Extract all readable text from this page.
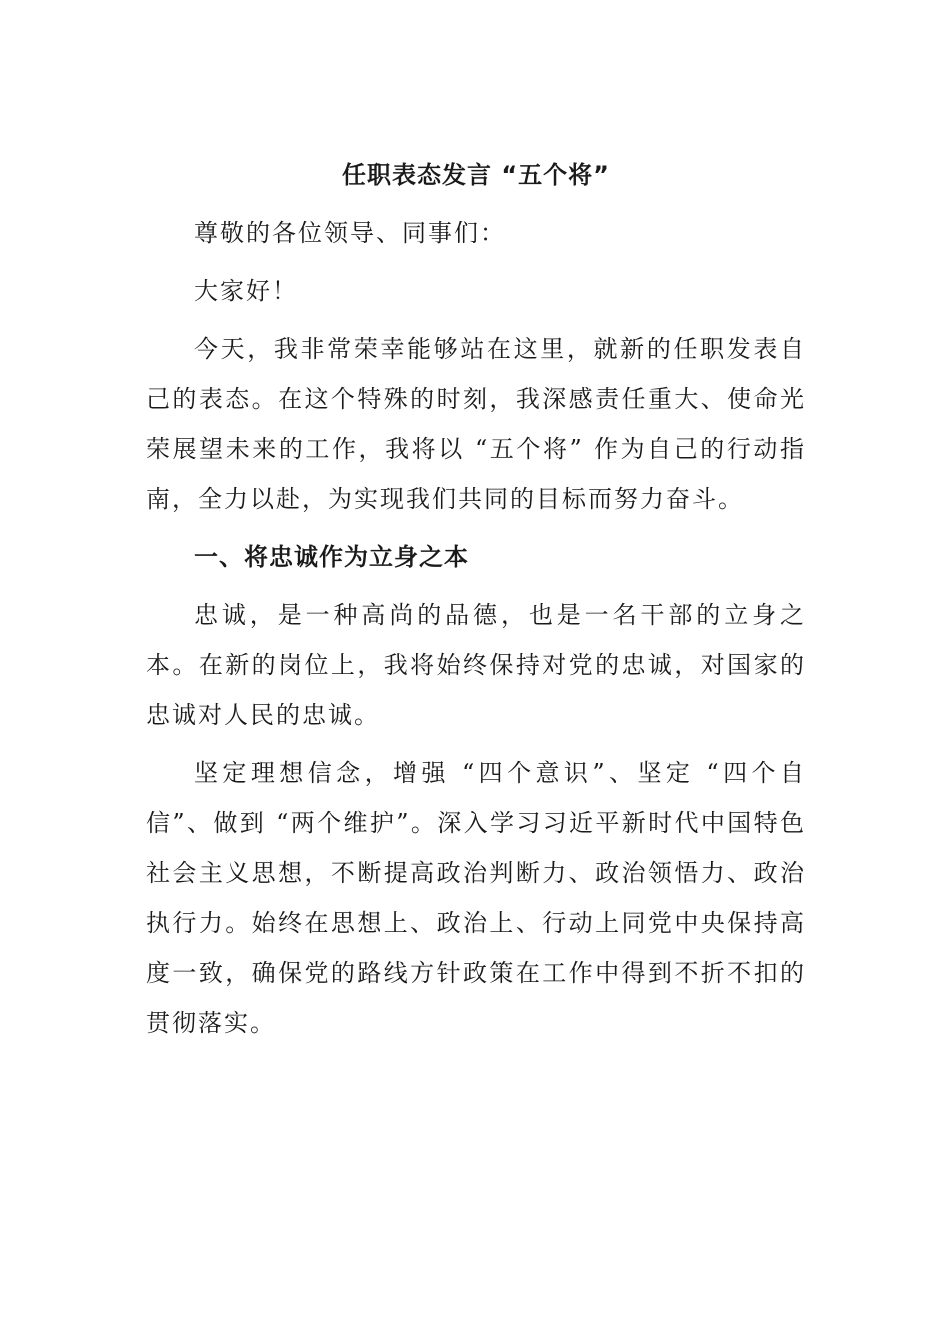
任职表态发言 “五个将”
尊敬的各位领导、同事们：
大家好！
今天，我非常荣幸能够站在这里，就新的任职发表自己的表态。在这个特殊的时刻，我深感责任重大、使命光荣展望未来的工作，我将以 “五个将” 作为自己的行动指南，全力以赴，为实现我们共同的目标而努力奋斗。
一、将忠诚作为立身之本
忠诚，是一种高尚的品德，也是一名干部的立身之本。在新的岗位上，我将始终保持对党的忠诚，对国家的忠诚对人民的忠诚。
坚定理想信念，增强 “四个意识”、坚定 “四个自信”、做到 “两个维护”。深入学习习近平新时代中国特色社会主义思想，不断提高政治判断力、政治领悟力、政治执行力。始终在思想上、政治上、行动上同党中央保持高度一致，确保党的路线方针政策在工作中得到不折不扣的贯彻落实。
